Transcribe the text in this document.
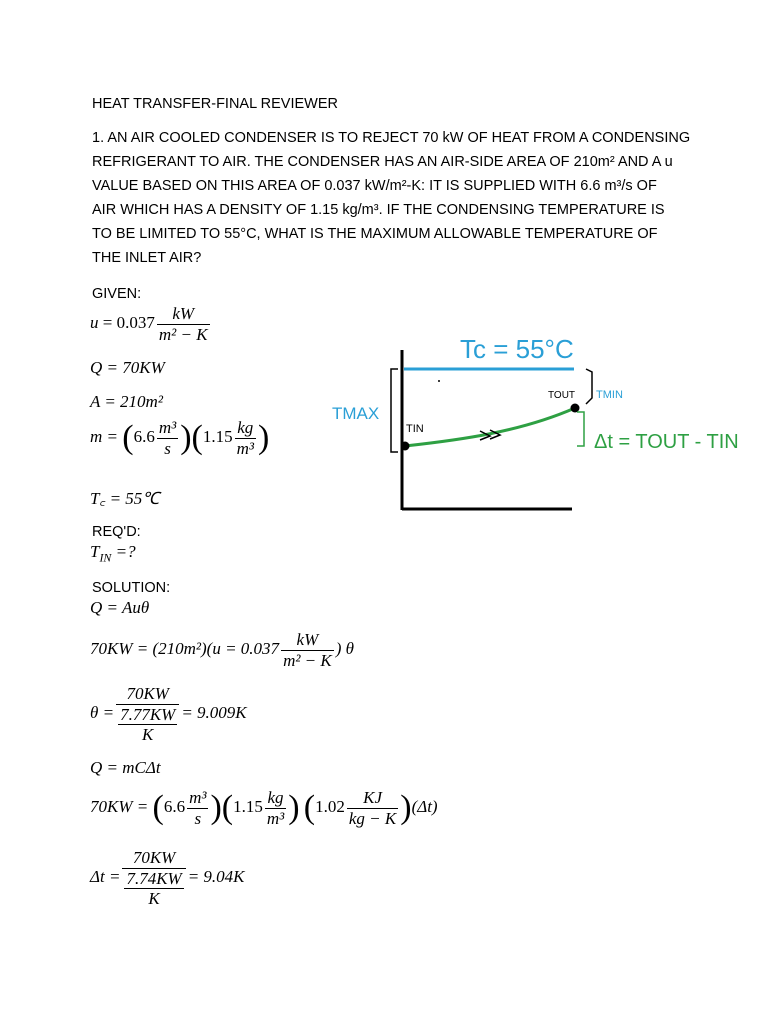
HEAT TRANSFER-FINAL REVIEWER
1. AN AIR COOLED CONDENSER IS TO REJECT 70 kW OF HEAT FROM A CONDENSING
REFRIGERANT TO AIR. THE CONDENSER HAS AN AIR-SIDE AREA OF 210m² AND A u
VALUE BASED ON THIS AREA OF 0.037 kW/m²-K: IT IS SUPPLIED WITH 6.6 m³/s OF
AIR WHICH HAS A DENSITY OF 1.15 kg/m³. IF THE CONDENSING TEMPERATURE IS
TO BE LIMITED TO 55°C, WHAT IS THE MAXIMUM ALLOWABLE TEMPERATURE OF
THE INLET AIR?
GIVEN:
$u = 0.037 \frac{kW}{\text{m² − K}}$
Q = 70KW
A = 210m²
$m = (6.6 \frac{\text{m³}}{s} )(1.15 \frac{kg}{\text{m³}}$ )
T꜀ = 55℃
REQ'D:
$T_{IN}$ =?
SOLUTION:
Q = Auθ
$70KW = (210m^2)(u = 0.037 \frac{kW}{\text{m² − K}}$ ) θ
$\theta = \frac{70KW}{\frac{7.77KW}{K}} = 9.009K$
Q = mCΔt
$70KW = (6.6 \frac{\text{m³}}{s} )(1.15 \frac{kg}{\text{m³}}$ ) $(1.02 \frac{KJ}{kg - K} )(\Delta t)$
$\Delta t = \frac{70KW}{\frac{7.74KW}{K}} = 9.04K$
Tc = 55°C
TMAX
TIN
TOUT TMIN
Δt = TOUT - TIN
